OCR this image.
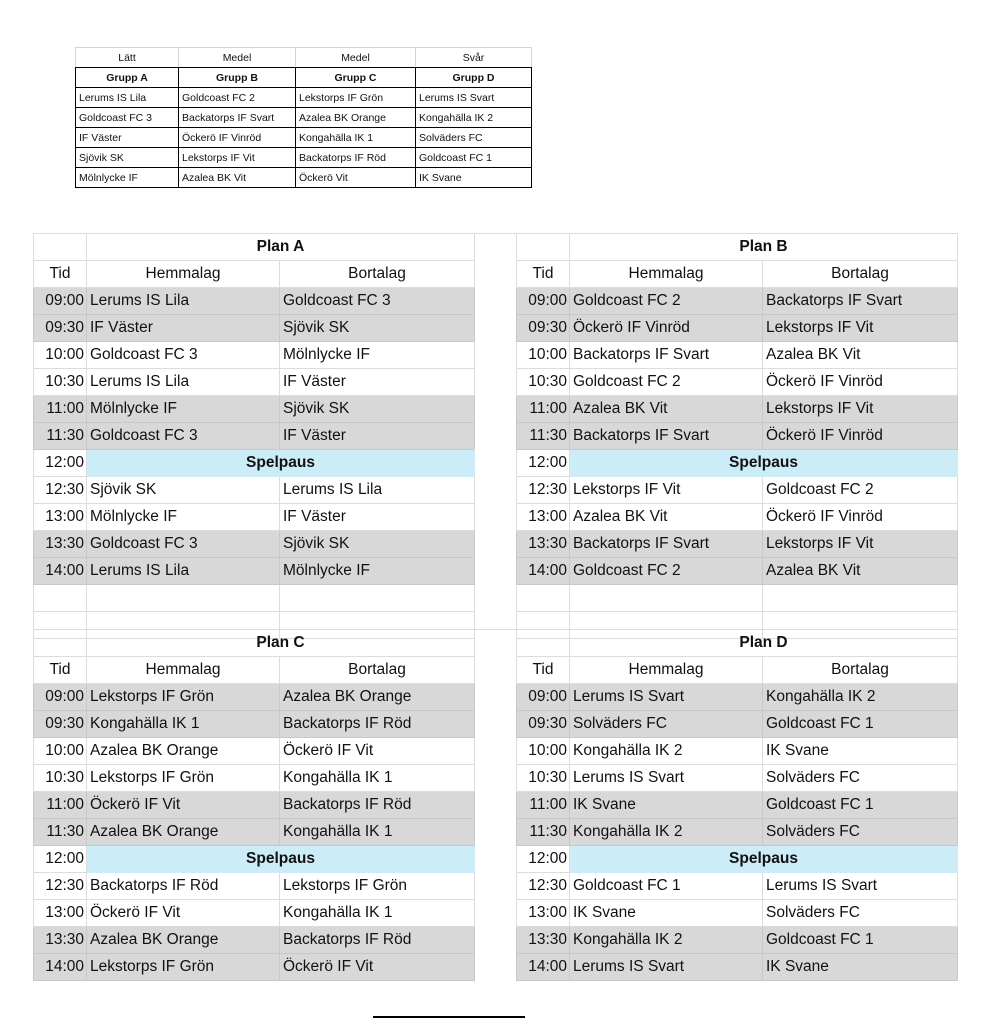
Lätt	Medel	Medel	Svår
Grupp A	Grupp B	Grupp C	Grupp D
Lerums IS Lila	Goldcoast FC 2	Lekstorps IF Grön	Lerums IS Svart
Goldcoast FC 3	Backatorps IF Svart	Azalea BK Orange	Kongahälla IK 2
IF Väster	Öckerö IF Vinröd	Kongahälla IK 1	Solväders FC
Sjövik SK	Lekstorps IF Vit	Backatorps IF Röd	Goldcoast FC 1
Mölnlycke IF	Azalea BK Vit	Öckerö Vit	IK Svane
	Plan A	
Tid	Hemmalag	Bortalag
09:00	Lerums IS Lila	Goldcoast FC 3
09:30	IF Väster	Sjövik SK
10:00	Goldcoast FC 3	Mölnlycke IF
10:30	Lerums IS Lila	IF Väster
11:00	Mölnlycke IF	Sjövik SK
11:30	Goldcoast FC 3	IF Väster
12:00	Spelpaus	
12:30	Sjövik SK	Lerums IS Lila
13:00	Mölnlycke IF	IF Väster
13:30	Goldcoast FC 3	Sjövik SK
14:00	Lerums IS Lila	Mölnlycke IF

	Plan B	
Tid	Hemmalag	Bortalag
09:00	Goldcoast FC 2	Backatorps IF Svart
09:30	Öckerö IF Vinröd	Lekstorps IF Vit
10:00	Backatorps IF Svart	Azalea BK Vit
10:30	Goldcoast FC 2	Öckerö IF Vinröd
11:00	Azalea BK Vit	Lekstorps IF Vit
11:30	Backatorps IF Svart	Öckerö IF Vinröd
12:00	Spelpaus	
12:30	Lekstorps IF Vit	Goldcoast FC 2
13:00	Azalea BK Vit	Öckerö IF Vinröd
13:30	Backatorps IF Svart	Lekstorps IF Vit
14:00	Goldcoast FC 2	Azalea BK Vit

	Plan C	
Tid	Hemmalag	Bortalag
09:00	Lekstorps IF Grön	Azalea BK Orange
09:30	Kongahälla IK 1	Backatorps IF Röd
10:00	Azalea BK Orange	Öckerö IF Vit
10:30	Lekstorps IF Grön	Kongahälla IK 1
11:00	Öckerö IF Vit	Backatorps IF Röd
11:30	Azalea BK Orange	Kongahälla IK 1
12:00	Spelpaus	
12:30	Backatorps IF Röd	Lekstorps IF Grön
13:00	Öckerö IF Vit	Kongahälla IK 1
13:30	Azalea BK Orange	Backatorps IF Röd
14:00	Lekstorps IF Grön	Öckerö IF Vit
	Plan D	
Tid	Hemmalag	Bortalag
09:00	Lerums IS Svart	Kongahälla IK 2
09:30	Solväders FC	Goldcoast FC 1
10:00	Kongahälla IK 2	IK Svane
10:30	Lerums IS Svart	Solväders FC
11:00	IK Svane	Goldcoast FC 1
11:30	Kongahälla IK 2	Solväders FC
12:00	Spelpaus	
12:30	Goldcoast FC 1	Lerums IS Svart
13:00	IK Svane	Solväders FC
13:30	Kongahälla IK 2	Goldcoast FC 1
14:00	Lerums IS Svart	IK Svane
